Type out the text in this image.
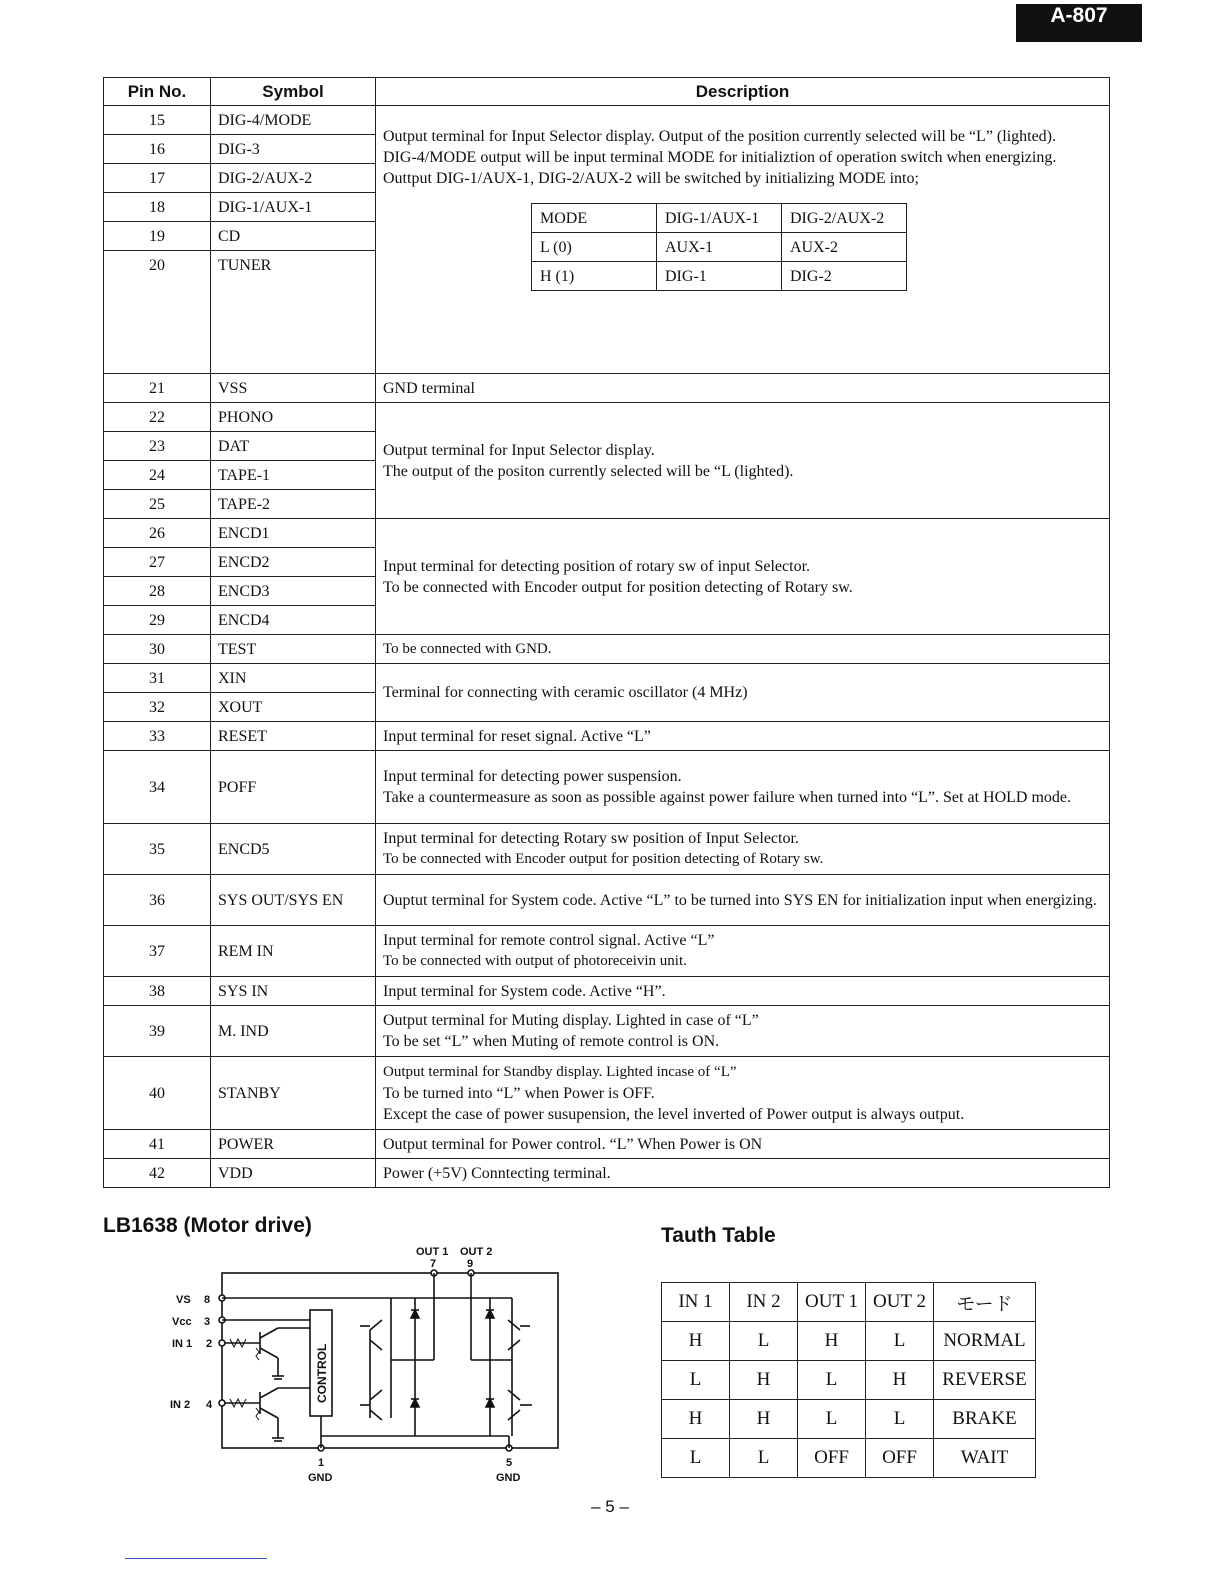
A-807
Pin No.	Symbol	Description
15	DIG-4/MODE	

Output terminal for Input Selector display. Output of the position currently selected will be “L” (lighted).

DIG-4/MODE output will be input terminal MODE for initializtion of operation switch when energizing.

Outtput DIG-1/AUX-1, DIG-2/AUX-2 will be switched by initializing MODE into;

MODE	DIG-1/AUX-1	DIG-2/AUX-2
L (0)	AUX-1	AUX-2
H (1)	DIG-1	DIG-2

16	DIG-3
17	DIG-2/AUX-2
18	DIG-1/AUX-1
19	CD
20	TUNER
21	VSS	GND terminal
22	PHONO	

Output terminal for Input Selector display.

The output of the positon currently selected will be “L (lighted).

23	DAT
24	TAPE-1
25	TAPE-2
26	ENCD1	

Input terminal for detecting position of rotary sw of input Selector.

To be connected with Encoder output for position detecting of Rotary sw.

27	ENCD2
28	ENCD3
29	ENCD4
30	TEST	To be connected with GND.
31	XIN	Terminal for connecting with ceramic oscillator (4 MHz)
32	XOUT
33	RESET	Input terminal for reset signal. Active “L”
34	POFF	

Input terminal for detecting power suspension.

Take a countermeasure as soon as possible against power failure when turned into “L”. Set at HOLD mode.

35	ENCD5	

Input terminal for detecting Rotary sw position of Input Selector.

To be connected with Encoder output for position detecting of Rotary sw.

36	SYS OUT/SYS EN	Ouptut terminal for System code. Active “L” to be turned into SYS EN for initialization input when energizing.
37	REM IN	

Input terminal for remote control signal. Active “L”

To be connected with output of photoreceivin unit.

38	SYS IN	Input terminal for System code. Active “H”.
39	M. IND	

Output terminal for Muting display. Lighted in case of “L”

To be set “L” when Muting of remote control is ON.

40	STANBY	

Output terminal for Standby display. Lighted incase of “L”

To be turned into “L” when Power is OFF.

Except the case of power susupension, the level inverted of Power output is always output.

41	POWER	Output terminal for Power control. “L” When Power is ON
42	VDD	Power (+5V) Conntecting terminal.
LB1638 (Motor drive)
OUT 1 OUT 2
7	9
VS 8
Vcc 3
IN 1 2
IN 2 4
1	5
GND	GND
CONTROL
Tauth Table
IN 1	IN 2	OUT 1	OUT 2	モード
H	L	H	L	NORMAL
L	H	L	H	REVERSE
H	H	L	L	BRAKE
L	L	OFF	OFF	WAIT
– 5 –
